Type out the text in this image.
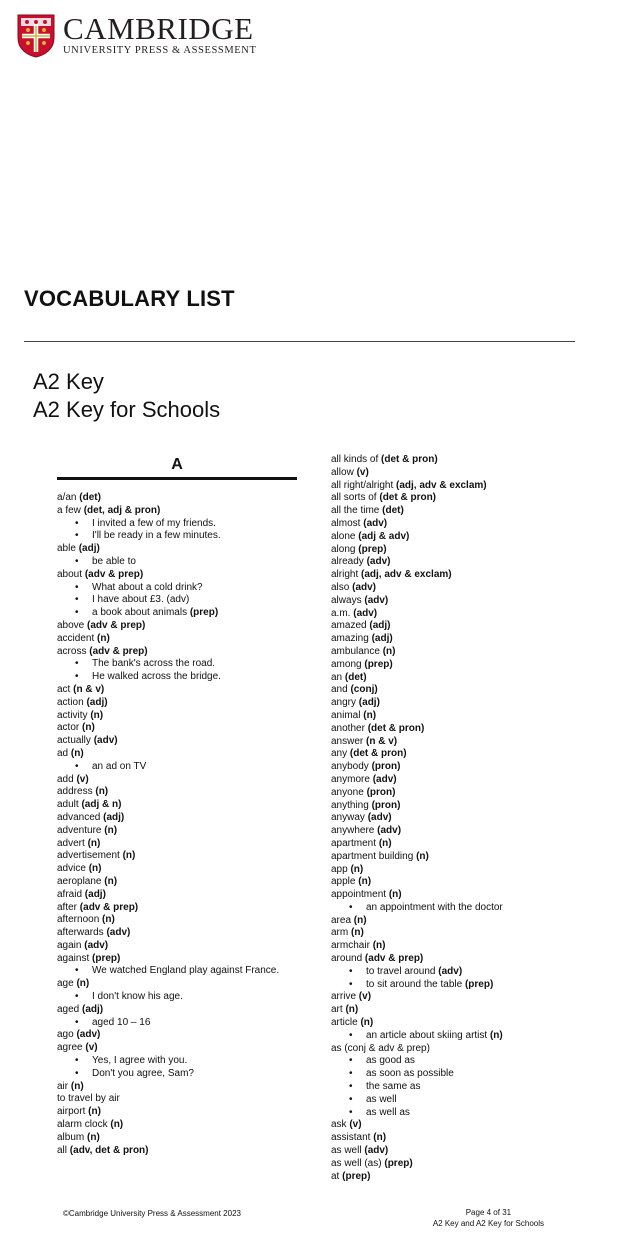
CAMBRIDGE
UNIVERSITY PRESS & ASSESSMENT
VOCABULARY LIST
A2 Key
A2 Key for Schools
A
a/an (det)
a few (det, adj & pron)
• I invited a few of my friends.
• I'll be ready in a few minutes.
able (adj)
• be able to
about (adv & prep)
• What about a cold drink?
• I have about £3. (adv)
• a book about animals (prep)
above (adv & prep)
accident (n)
across (adv & prep)
• The bank's across the road.
• He walked across the bridge.
act (n & v)
action (adj)
activity (n)
actor (n)
actually (adv)
ad (n)
• an ad on TV
add (v)
address (n)
adult (adj & n)
advanced (adj)
adventure (n)
advert (n)
advertisement (n)
advice (n)
aeroplane (n)
afraid (adj)
after (adv & prep)
afternoon (n)
afterwards (adv)
again (adv)
against (prep)
• We watched England play against France.
age (n)
• I don't know his age.
aged (adj)
• aged 10 – 16
ago (adv)
agree (v)
• Yes, I agree with you.
• Don't you agree, Sam?
air (n)
to travel by air
airport (n)
alarm clock (n)
album (n)
all (adv, det & pron)
all kinds of (det & pron)
allow (v)
all right/alright (adj, adv & exclam)
all sorts of (det & pron)
all the time (det)
almost (adv)
alone (adj & adv)
along (prep)
already (adv)
alright (adj, adv & exclam)
also (adv)
always (adv)
a.m. (adv)
amazed (adj)
amazing (adj)
ambulance (n)
among (prep)
an (det)
and (conj)
angry (adj)
animal (n)
another (det & pron)
answer (n & v)
any (det & pron)
anybody (pron)
anymore (adv)
anyone (pron)
anything (pron)
anyway (adv)
anywhere (adv)
apartment (n)
apartment building (n)
app (n)
apple (n)
appointment (n)
• an appointment with the doctor
area (n)
arm (n)
armchair (n)
around (adv & prep)
• to travel around (adv)
• to sit around the table (prep)
arrive (v)
art (n)
article (n)
• an article about skiing artist (n)
as (conj & adv & prep)
• as good as
• as soon as possible
• the same as
• as well
• as well as
ask (v)
assistant (n)
as well (adv)
as well (as) (prep)
at (prep)
©Cambridge University Press & Assessment 2023	Page 4 of 31
A2 Key and A2 Key for Schools
